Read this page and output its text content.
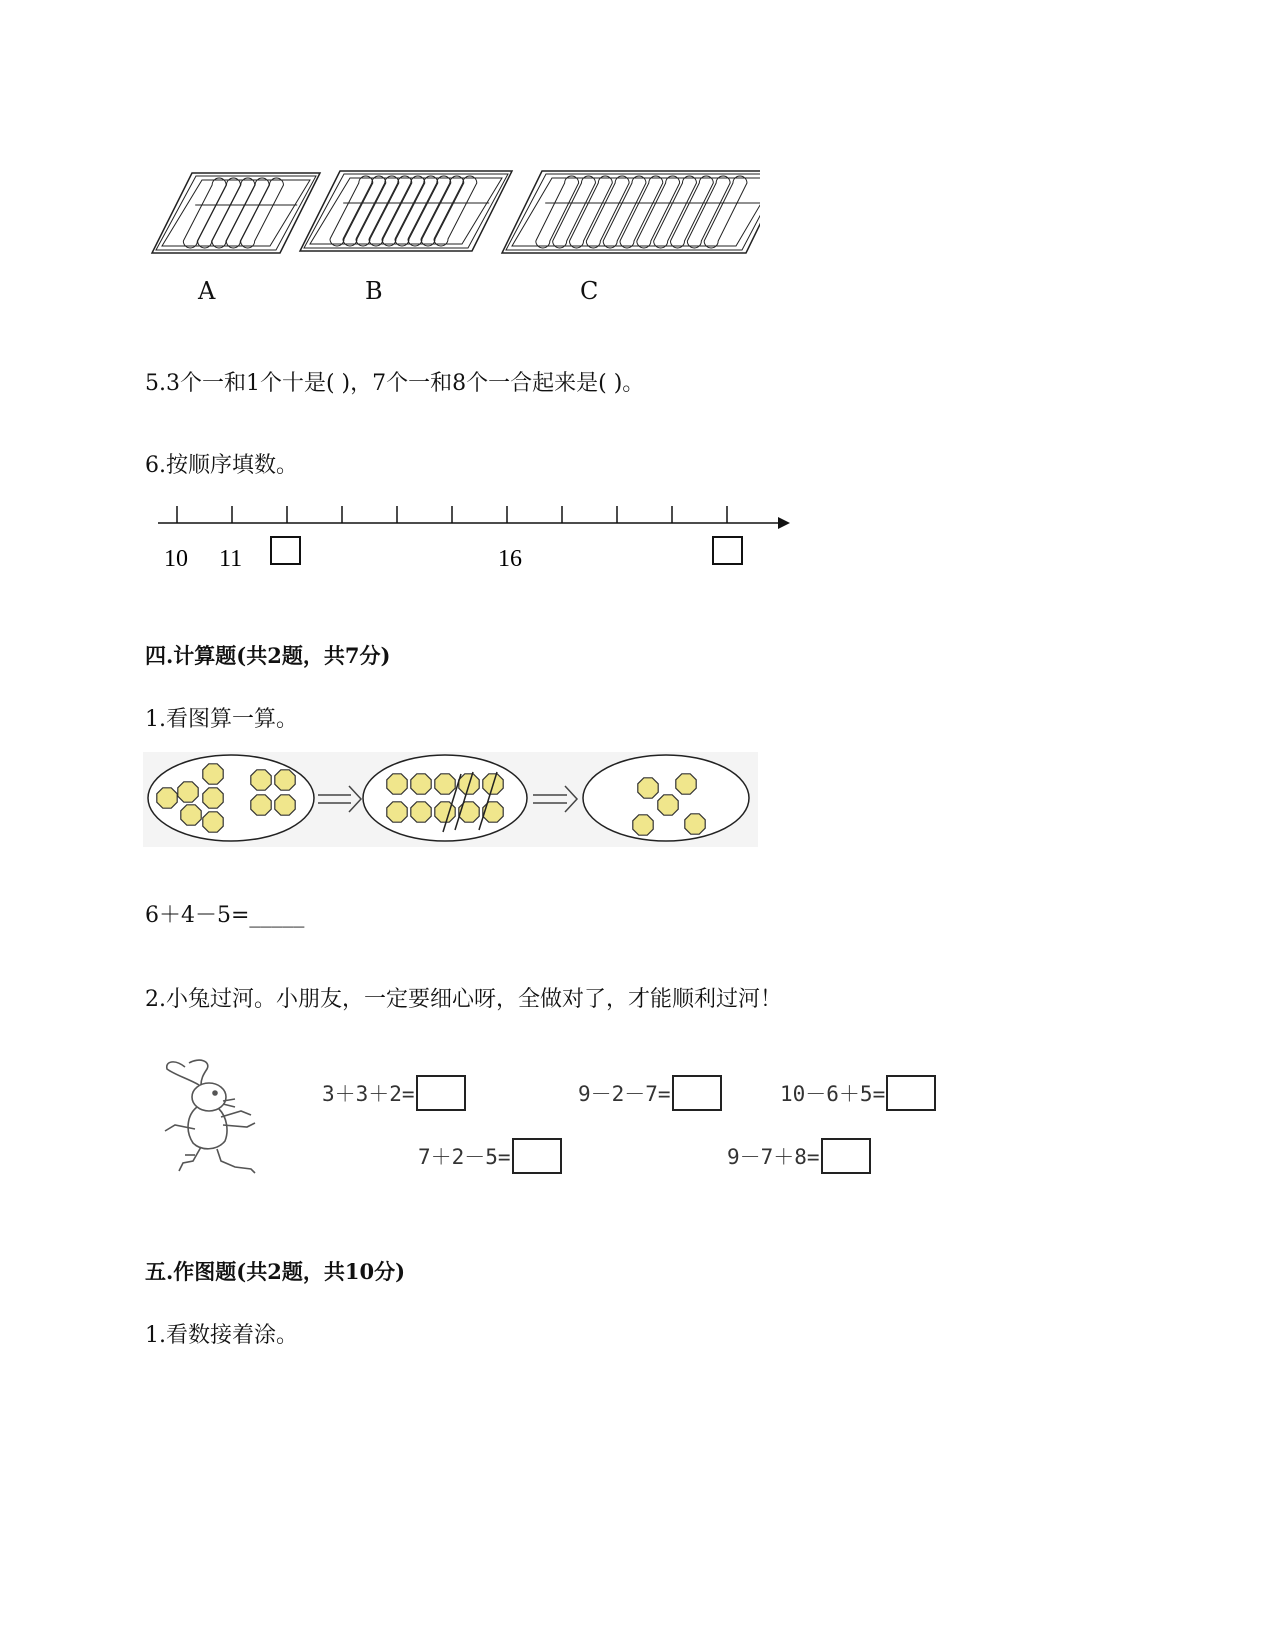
A	B	C
5.3个一和1个十是( )，7个一和8个一合起来是( )。
6.按顺序填数。
10 11	16
四.计算题(共2题，共7分)
1.看图算一算。
6＋4－5=_____
2.小兔过河。小朋友，一定要细心呀，全做对了，才能顺利过河！
3＋3＋2=	9－2－7=	10－6＋5=
7＋2－5=	9－7＋8=
五.作图题(共2题，共10分)
1.看数接着涂。
